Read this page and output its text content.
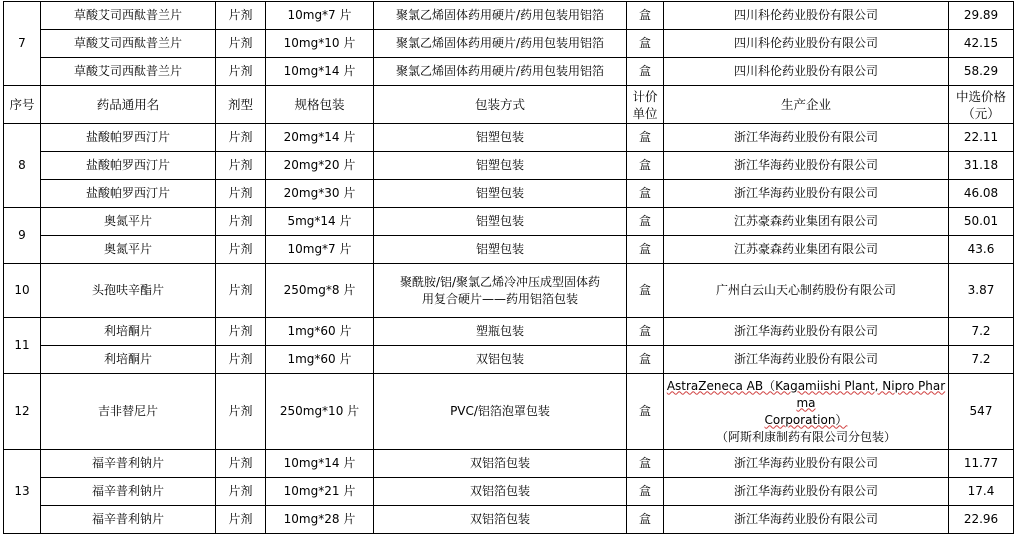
7	草酸艾司西酞普兰片	片剂	10mg*7 片	聚氯乙烯固体药用硬片/药用包装用铝箔	盒	四川科伦药业股份有限公司	29.89
	草酸艾司西酞普兰片	片剂	10mg*10 片	聚氯乙烯固体药用硬片/药用包装用铝箔	盒	四川科伦药业股份有限公司	42.15
	草酸艾司西酞普兰片	片剂	10mg*14 片	聚氯乙烯固体药用硬片/药用包装用铝箔	盒	四川科伦药业股份有限公司	58.29
序号	药品通用名	剂型	规格包装	包装方式	计价单位	生产企业	中选价格（元）
8	盐酸帕罗西汀片	片剂	20mg*14 片	铝塑包装	盒	浙江华海药业股份有限公司	22.11
	盐酸帕罗西汀片	片剂	20mg*20 片	铝塑包装	盒	浙江华海药业股份有限公司	31.18
	盐酸帕罗西汀片	片剂	20mg*30 片	铝塑包装	盒	浙江华海药业股份有限公司	46.08
9	奥氮平片	片剂	5mg*14 片	铝塑包装	盒	江苏豪森药业集团有限公司	50.01
	奥氮平片	片剂	10mg*7 片	铝塑包装	盒	江苏豪森药业集团有限公司	43.6
10	头孢呋辛酯片	片剂	250mg*8 片	聚酰胺/铝/聚氯乙烯冷冲压成型固体药
用复合硬片——药用铝箔包装	盒	广州白云山天心制药股份有限公司	3.87
11	利培酮片	片剂	1mg*60 片	塑瓶包装	盒	浙江华海药业股份有限公司	7.2
	利培酮片	片剂	1mg*60 片	双铝包装	盒	浙江华海药业股份有限公司	7.2
12	吉非替尼片	片剂	250mg*10 片	PVC/铝箔泡罩包装	盒	AstraZeneca AB（Kagamiishi Plant, Nipro Pharma
Corporation）
（阿斯利康制药有限公司分包装）	547
13	福辛普利钠片	片剂	10mg*14 片	双铝箔包装	盒	浙江华海药业股份有限公司	11.77
	福辛普利钠片	片剂	10mg*21 片	双铝箔包装	盒	浙江华海药业股份有限公司	17.4
	福辛普利钠片	片剂	10mg*28 片	双铝箔包装	盒	浙江华海药业股份有限公司	22.96
